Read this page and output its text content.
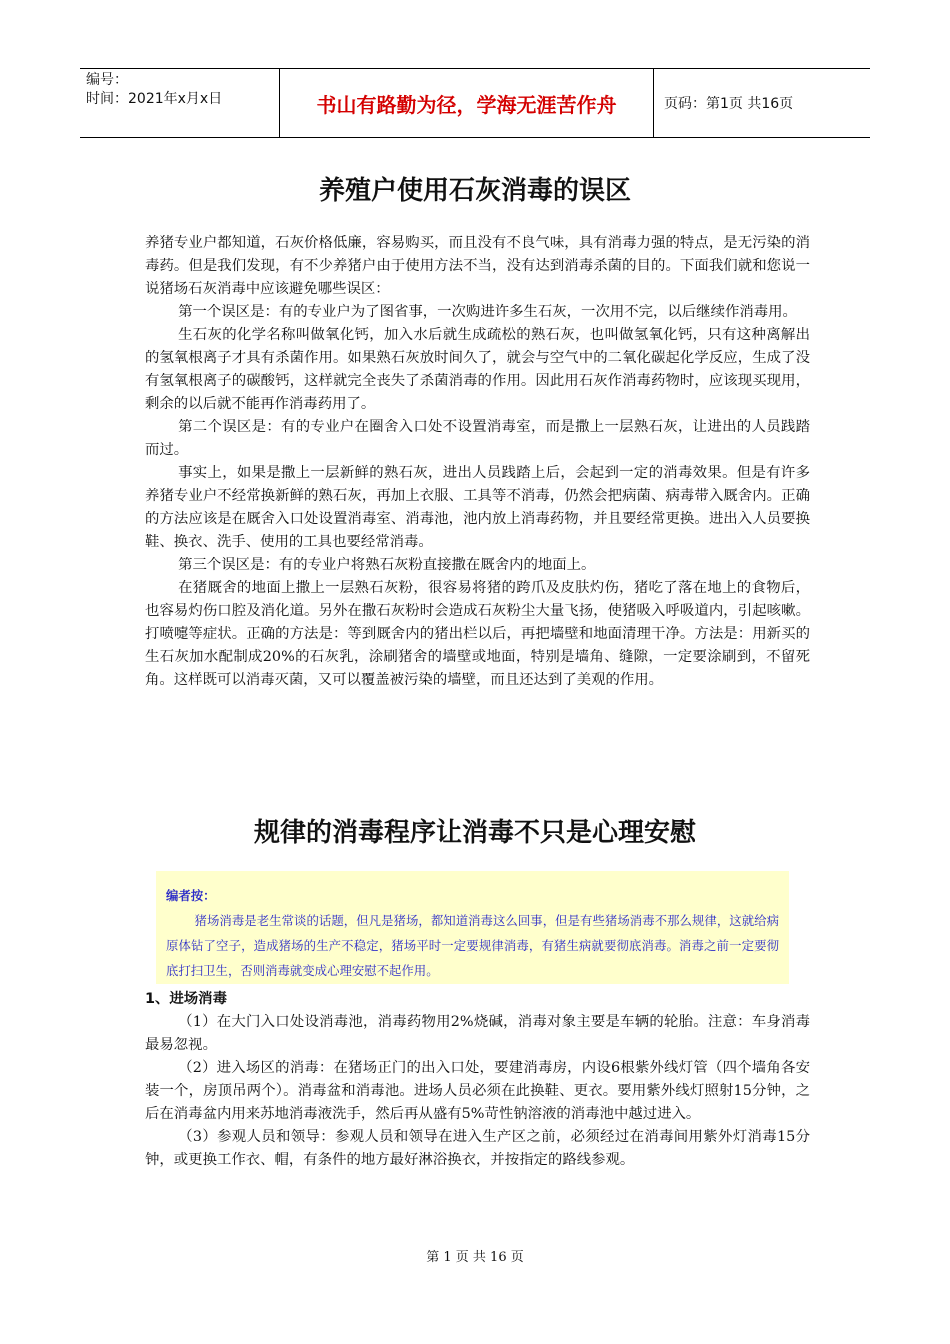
编号：
时间：2021年x月x日	书山有路勤为径，学海无涯苦作舟	页码：第1页 共16页
养殖户使用石灰消毒的误区

养猪专业户都知道，石灰价格低廉，容易购买，而且没有不良气味，具有消毒力强的特点，是无污染的消毒药。但是我们发现，有不少养猪户由于使用方法不当，没有达到消毒杀菌的目的。下面我们就和您说一说猪场石灰消毒中应该避免哪些误区：

第一个误区是：有的专业户为了图省事，一次购进许多生石灰，一次用不完，以后继续作消毒用。

生石灰的化学名称叫做氧化钙，加入水后就生成疏松的熟石灰，也叫做氢氧化钙，只有这种离解出的氢氧根离子才具有杀菌作用。如果熟石灰放时间久了，就会与空气中的二氧化碳起化学反应，生成了没有氢氧根离子的碳酸钙，这样就完全丧失了杀菌消毒的作用。因此用石灰作消毒药物时，应该现买现用，剩余的以后就不能再作消毒药用了。

第二个误区是：有的专业户在圈舍入口处不设置消毒室，而是撒上一层熟石灰，让进出的人员践踏而过。

事实上，如果是撒上一层新鲜的熟石灰，进出人员践踏上后，会起到一定的消毒效果。但是有许多养猪专业户不经常换新鲜的熟石灰，再加上衣服、工具等不消毒，仍然会把病菌、病毒带入厩舍内。正确的方法应该是在厩舍入口处设置消毒室、消毒池，池内放上消毒药物，并且要经常更换。进出入人员要换鞋、换衣、洗手、使用的工具也要经常消毒。

第三个误区是：有的专业户将熟石灰粉直接撒在厩舍内的地面上。

在猪厩舍的地面上撒上一层熟石灰粉，很容易将猪的跨爪及皮肤灼伤，猪吃了落在地上的食物后，也容易灼伤口腔及消化道。另外在撒石灰粉时会造成石灰粉尘大量飞扬，使猪吸入呼吸道内，引起咳嗽。打喷嚏等症状。正确的方法是：等到厩舍内的猪出栏以后，再把墙壁和地面清理干净。方法是：用新买的生石灰加水配制成20%的石灰乳，涂刷猪舍的墙壁或地面，特别是墙角、缝隙，一定要涂刷到，不留死角。这样既可以消毒灭菌，又可以覆盖被污染的墙壁，而且还达到了美观的作用。

规律的消毒程序让消毒不只是心理安慰
编者按：

猪场消毒是老生常谈的话题，但凡是猪场，都知道消毒这么回事，但是有些猪场消毒不那么规律，这就给病原体钻了空子，造成猪场的生产不稳定，猪场平时一定要规律消毒，有猪生病就要彻底消毒。消毒之前一定要彻底打扫卫生，否则消毒就变成心理安慰不起作用。

1、进场消毒

（1）在大门入口处设消毒池，消毒药物用2%烧碱，消毒对象主要是车辆的轮胎。注意：车身消毒最易忽视。

（2）进入场区的消毒：在猪场正门的出入口处，要建消毒房，内设6根紫外线灯管（四个墙角各安装一个，房顶吊两个）。消毒盆和消毒池。进场人员必须在此换鞋、更衣。要用紫外线灯照射15分钟，之后在消毒盆内用来苏地消毒液洗手，然后再从盛有5%苛性钠溶液的消毒池中越过进入。

（3）参观人员和领导：参观人员和领导在进入生产区之前，必须经过在消毒间用紫外灯消毒15分钟，或更换工作衣、帽，有条件的地方最好淋浴换衣，并按指定的路线参观。

第 1 页 共 16 页
